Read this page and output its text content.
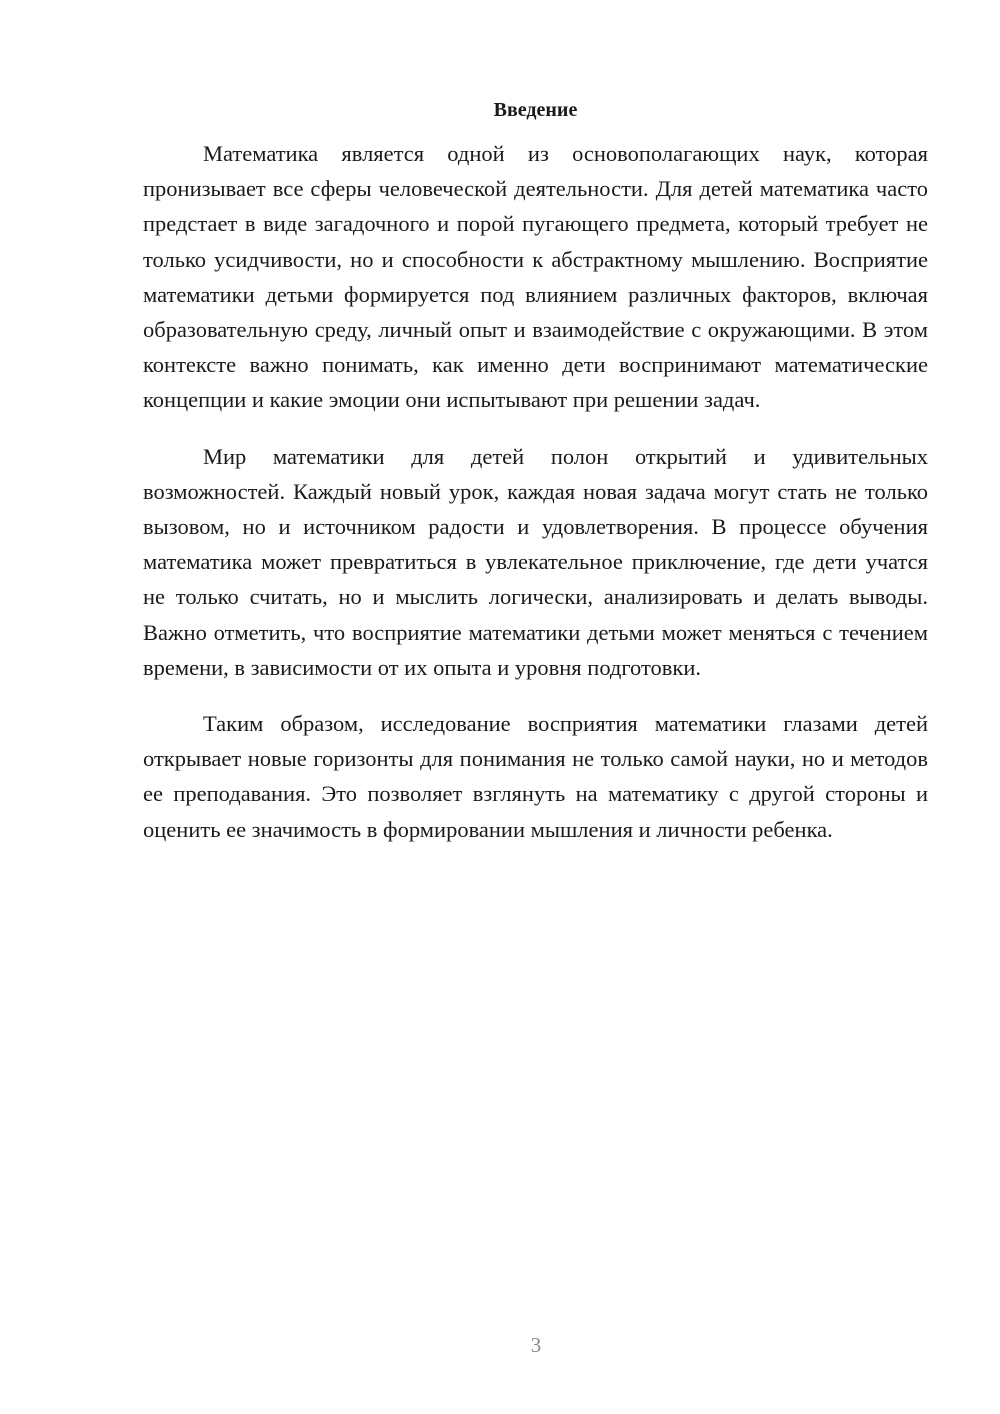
Введение

Математика является одной из основополагающих наук, которая пронизывает все сферы человеческой деятельности. Для детей математика часто предстает в виде загадочного и порой пугающего предмета, который требует не только усидчивости, но и способности к абстрактному мышлению. Восприятие математики детьми формируется под влиянием различных факторов, включая образовательную среду, личный опыт и взаимодействие с окружающими. В этом контексте важно понимать, как именно дети воспринимают математические концепции и какие эмоции они испытывают при решении задач.

Мир математики для детей полон открытий и удивительных возможностей. Каждый новый урок, каждая новая задача могут стать не только вызовом, но и источником радости и удовлетворения. В процессе обучения математика может превратиться в увлекательное приключение, где дети учатся не только считать, но и мыслить логически, анализировать и делать выводы. Важно отметить, что восприятие математики детьми может меняться с течением времени, в зависимости от их опыта и уровня подготовки.

Таким образом, исследование восприятия математики глазами детей открывает новые горизонты для понимания не только самой науки, но и методов ее преподавания. Это позволяет взглянуть на математику с другой стороны и оценить ее значимость в формировании мышления и личности ребенка.

3
